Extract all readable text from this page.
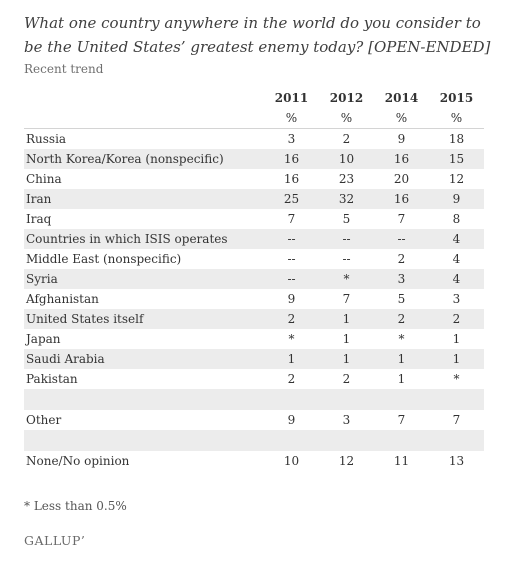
What one country anywhere in the world do you consider to be the United States’ greatest enemy today? [OPEN-ENDED]
Recent trend
	2011	2012	2014	2015
	%	%	%	%
Russia	3	2	9	18
North Korea/Korea (nonspecific)	16	10	16	15
China	16	23	20	12
Iran	25	32	16	9
Iraq	7	5	7	8
Countries in which ISIS operates	--	--	--	4
Middle East (nonspecific)	--	--	2	4
Syria	--	*	3	4
Afghanistan	9	7	5	3
United States itself	2	1	2	2
Japan	*	1	*	1
Saudi Arabia	1	1	1	1
Pakistan	2	2	1	*

Other	9	3	7	7

None/No opinion	10	12	11	13
* Less than 0.5%
GALLUP’
